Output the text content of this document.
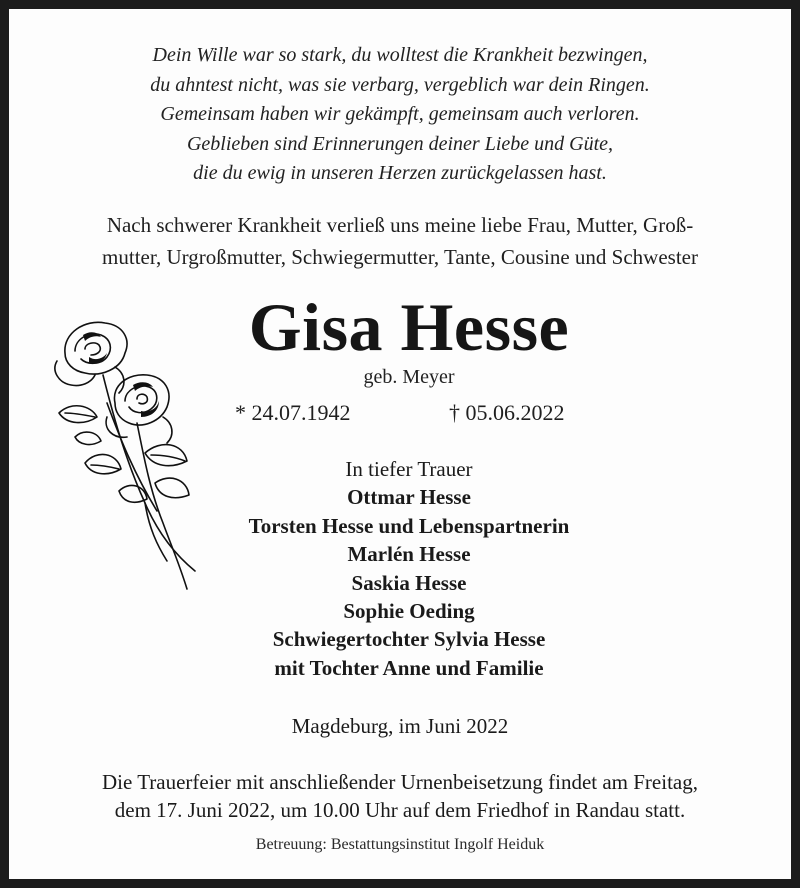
Dein Wille war so stark, du wolltest die Krankheit bezwingen,
du ahntest nicht, was sie verbarg, vergeblich war dein Ringen.
Gemeinsam haben wir gekämpft, gemeinsam auch verloren.
Geblieben sind Erinnerungen deiner Liebe und Güte,
die du ewig in unseren Herzen zurückgelassen hast.
Nach schwerer Krankheit verließ uns meine liebe Frau, Mutter, Groß-
mutter, Urgroßmutter, Schwiegermutter, Tante, Cousine und Schwester
Gisa Hesse
geb. Meyer
* 24.07.1942	† 05.06.2022
In tiefer Trauer
Ottmar Hesse
Torsten Hesse und Lebenspartnerin
Marlén Hesse
Saskia Hesse
Sophie Oeding
Schwiegertochter Sylvia Hesse
mit Tochter Anne und Familie
Magdeburg, im Juni 2022
Die Trauerfeier mit anschließender Urnenbeisetzung findet am Freitag,
dem 17. Juni 2022, um 10.00 Uhr auf dem Friedhof in Randau statt.
Betreuung: Bestattungsinstitut Ingolf Heiduk
